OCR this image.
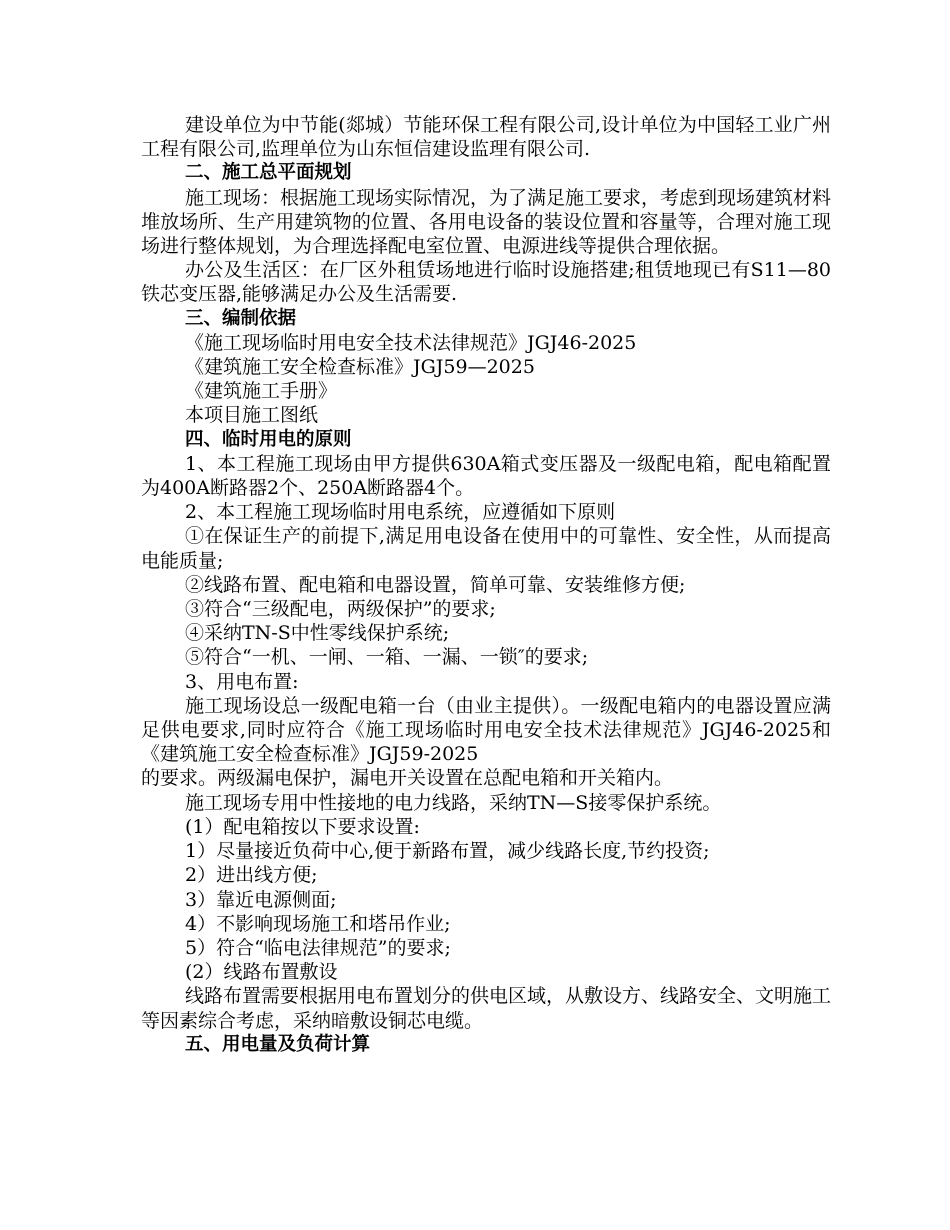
建设单位为中节能(郯城）节能环保工程有限公司,设计单位为中国轻工业广州工程有限公司,监理单位为山东恒信建设监理有限公司.

二、施工总平面规划

施工现场：根据施工现场实际情况，为了满足施工要求，考虑到现场建筑材料堆放场所、生产用建筑物的位置、各用电设备的装设位置和容量等，合理对施工现场进行整体规划，为合理选择配电室位置、电源进线等提供合理依据。

办公及生活区：在厂区外租赁场地进行临时设施搭建;租赁地现已有S11—80铁芯变压器,能够满足办公及生活需要.

三、编制依据

《施工现场临时用电安全技术法律规范》JGJ46-2025

《建筑施工安全检查标准》JGJ59—2025

《建筑施工手册》

本项目施工图纸

四、临时用电的原则

1、本工程施工现场由甲方提供630A箱式变压器及一级配电箱，配电箱配置为400A断路器2个、250A断路器4个。

2、本工程施工现场临时用电系统，应遵循如下原则

①在保证生产的前提下,满足用电设备在使用中的可靠性、安全性，从而提高电能质量;

②线路布置、配电箱和电器设置，简单可靠、安装维修方便;

③符合“三级配电，两级保护”的要求;

④采纳TN-S中性零线保护系统;

⑤符合“一机、一闸、一箱、一漏、一锁″的要求;

3、用电布置:

施工现场设总一级配电箱一台（由业主提供）。一级配电箱内的电器设置应满足供电要求,同时应符合《施工现场临时用电安全技术法律规范》JGJ46-2025和《建筑施工安全检查标准》JGJ59-2025

的要求。两级漏电保护，漏电开关设置在总配电箱和开关箱内。

施工现场专用中性接地的电力线路，采纳TN—S接零保护系统。

(1）配电箱按以下要求设置:

1）尽量接近负荷中心,便于新路布置，减少线路长度,节约投资;

2）进出线方便;

3）靠近电源侧面;

4）不影响现场施工和塔吊作业;

5）符合“临电法律规范”的要求;

(2）线路布置敷设

线路布置需要根据用电布置划分的供电区域，从敷设方、线路安全、文明施工等因素综合考虑，采纳暗敷设铜芯电缆。

五、用电量及负荷计算
